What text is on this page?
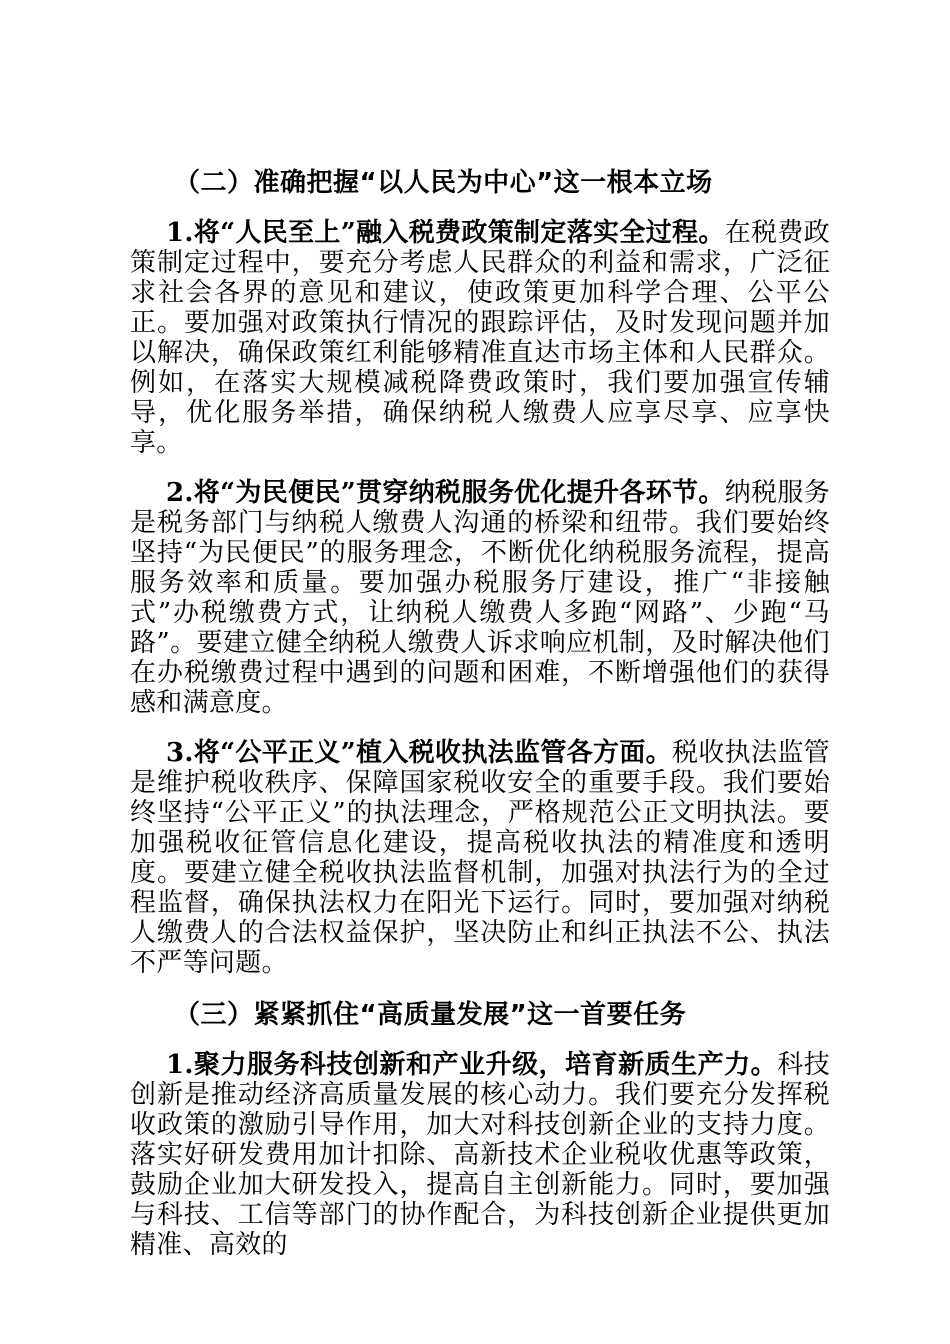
（二）准确把握“以人民为中心”这一根本立场

1.将“人民至上”融入税费政策制定落实全过程。在税费政策制定过程中，要充分考虑人民群众的利益和需求，广泛征求社会各界的意见和建议，使政策更加科学合理、公平公正。要加强对政策执行情况的跟踪评估，及时发现问题并加以解决，确保政策红利能够精准直达市场主体和人民群众。例如，在落实大规模减税降费政策时，我们要加强宣传辅导，优化服务举措，确保纳税人缴费人应享尽享、应享快享。

2.将“为民便民”贯穿纳税服务优化提升各环节。纳税服务是税务部门与纳税人缴费人沟通的桥梁和纽带。我们要始终坚持“为民便民”的服务理念，不断优化纳税服务流程，提高服务效率和质量。要加强办税服务厅建设，推广“非接触式”办税缴费方式，让纳税人缴费人多跑“网路”、少跑“马路”。要建立健全纳税人缴费人诉求响应机制，及时解决他们在办税缴费过程中遇到的问题和困难，不断增强他们的获得感和满意度。

3.将“公平正义”植入税收执法监管各方面。税收执法监管是维护税收秩序、保障国家税收安全的重要手段。我们要始终坚持“公平正义”的执法理念，严格规范公正文明执法。要加强税收征管信息化建设，提高税收执法的精准度和透明度。要建立健全税收执法监督机制，加强对执法行为的全过程监督，确保执法权力在阳光下运行。同时，要加强对纳税人缴费人的合法权益保护，坚决防止和纠正执法不公、执法不严等问题。

（三）紧紧抓住“高质量发展”这一首要任务

1.聚力服务科技创新和产业升级，培育新质生产力。科技创新是推动经济高质量发展的核心动力。我们要充分发挥税收政策的激励引导作用，加大对科技创新企业的支持力度。落实好研发费用加计扣除、高新技术企业税收优惠等政策，鼓励企业加大研发投入，提高自主创新能力。同时，要加强与科技、工信等部门的协作配合，为科技创新企业提供更加精准、高效的
